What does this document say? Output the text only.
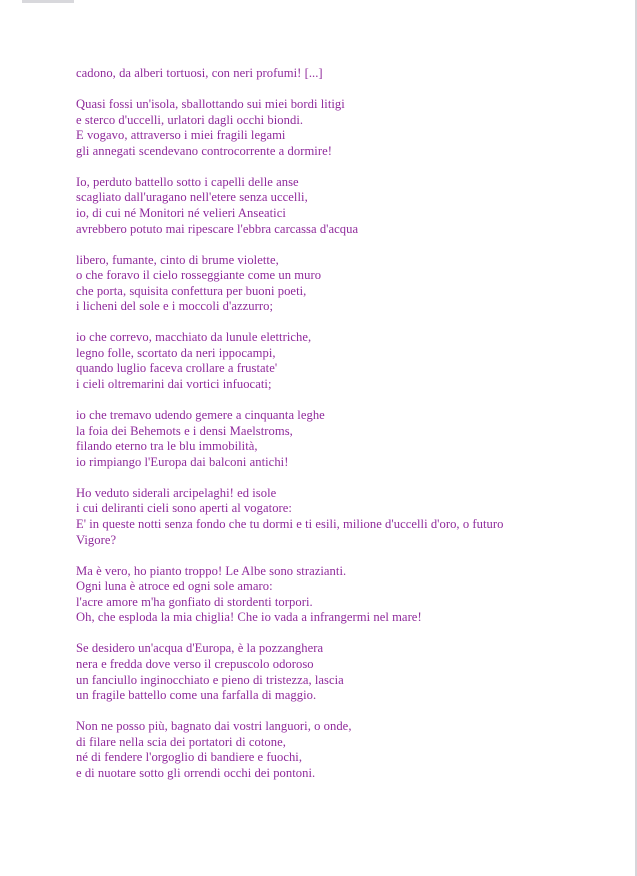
cadono, da alberi tortuosi, con neri profumi! [...]
Quasi fossi un'isola, sballottando sui miei bordi litigi
e sterco d'uccelli, urlatori dagli occhi biondi.
E vogavo, attraverso i miei fragili legami
gli annegati scendevano controcorrente a dormire!
Io, perduto battello sotto i capelli delle anse
scagliato dall'uragano nell'etere senza uccelli,
io, di cui né Monitori né velieri Anseatici
avrebbero potuto mai ripescare l'ebbra carcassa d'acqua
libero, fumante, cinto di brume violette,
o che foravo il cielo rosseggiante come un muro
che porta, squisita confettura per buoni poeti,
i licheni del sole e i moccoli d'azzurro;
io che correvo, macchiato da lunule elettriche,
legno folle, scortato da neri ippocampi,
quando luglio faceva crollare a frustate'
i cieli oltremarini dai vortici infuocati;
io che tremavo udendo gemere a cinquanta leghe
la foia dei Behemots e i densi Maelstroms,
filando eterno tra le blu immobilità,
io rimpiango l'Europa dai balconi antichi!
Ho veduto siderali arcipelaghi! ed isole
i cui deliranti cieli sono aperti al vogatore:
E' in queste notti senza fondo che tu dormi e ti esili, milione d'uccelli d'oro, o futuro
Vigore?
Ma è vero, ho pianto troppo! Le Albe sono strazianti.
Ogni luna è atroce ed ogni sole amaro:
l'acre amore m'ha gonfiato di stordenti torpori.
Oh, che esploda la mia chiglia! Che io vada a infrangermi nel mare!
Se desidero un'acqua d'Europa, è la pozzanghera
nera e fredda dove verso il crepuscolo odoroso
un fanciullo inginocchiato e pieno di tristezza, lascia
un fragile battello come una farfalla di maggio.
Non ne posso più, bagnato dai vostri languori, o onde,
di filare nella scia dei portatori di cotone,
né di fendere l'orgoglio di bandiere e fuochi,
e di nuotare sotto gli orrendi occhi dei pontoni.
